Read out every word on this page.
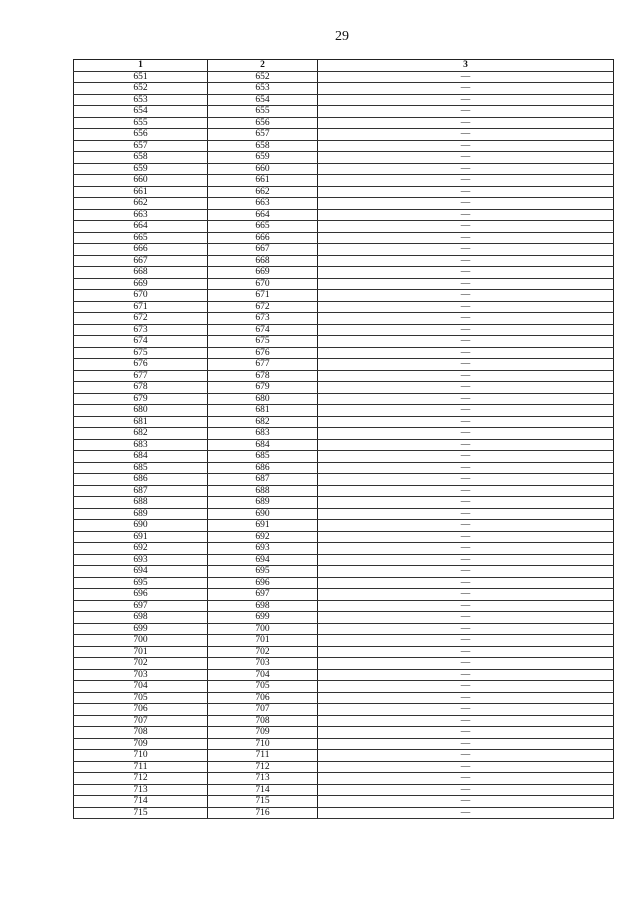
29
1	2	3
651	652	—
652	653	—
653	654	—
654	655	—
655	656	—
656	657	—
657	658	—
658	659	—
659	660	—
660	661	—
661	662	—
662	663	—
663	664	—
664	665	—
665	666	—
666	667	—
667	668	—
668	669	—
669	670	—
670	671	—
671	672	—
672	673	—
673	674	—
674	675	—
675	676	—
676	677	—
677	678	—
678	679	—
679	680	—
680	681	—
681	682	—
682	683	—
683	684	—
684	685	—
685	686	—
686	687	—
687	688	—
688	689	—
689	690	—
690	691	—
691	692	—
692	693	—
693	694	—
694	695	—
695	696	—
696	697	—
697	698	—
698	699	—
699	700	—
700	701	—
701	702	—
702	703	—
703	704	—
704	705	—
705	706	—
706	707	—
707	708	—
708	709	—
709	710	—
710	711	—
711	712	—
712	713	—
713	714	—
714	715	—
715	716	—
